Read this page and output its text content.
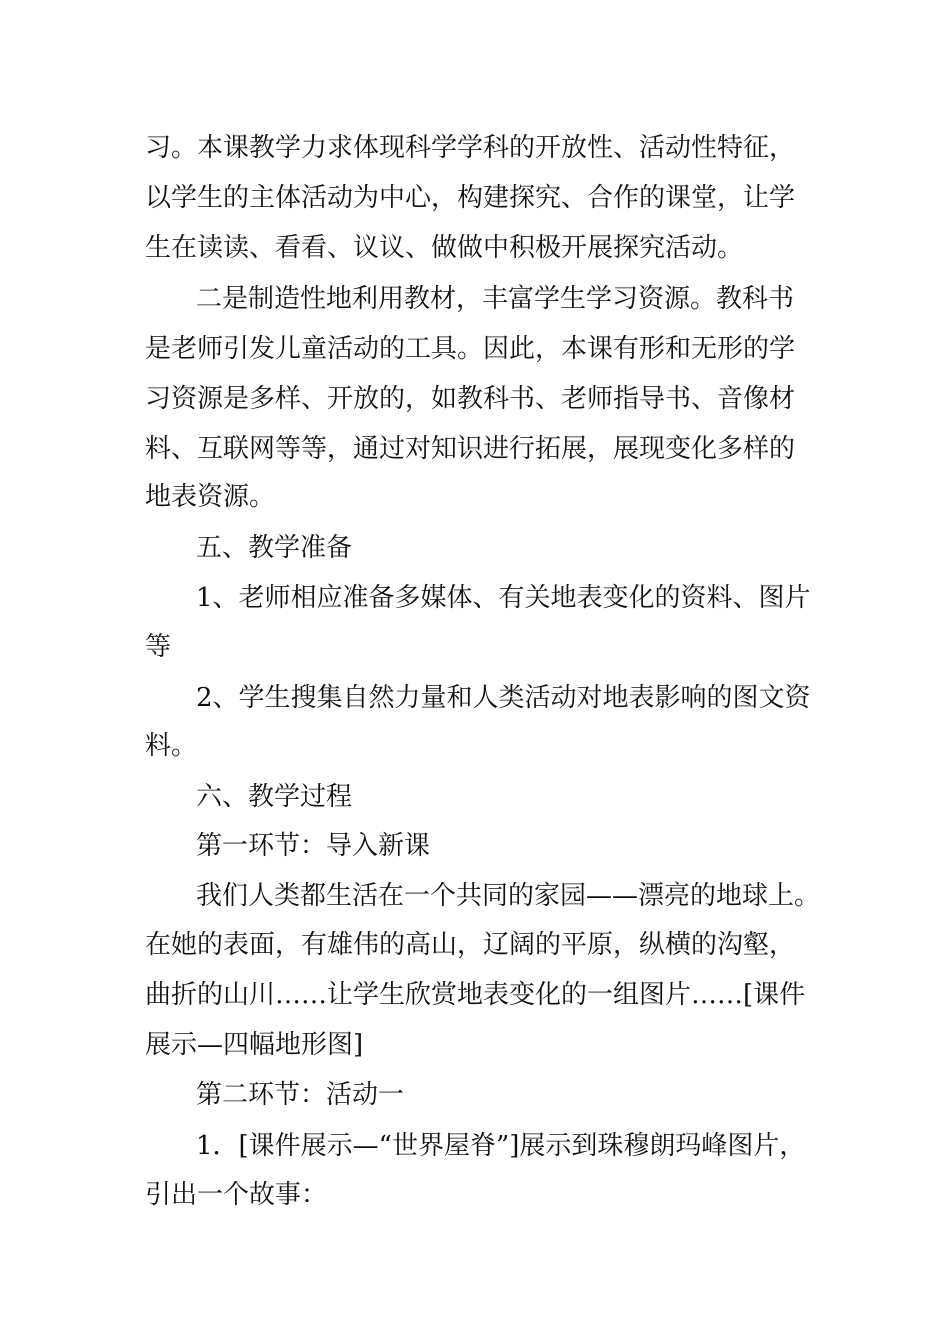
习。本课教学力求体现科学学科的开放性、活动性特征，
以学生的主体活动为中心，构建探究、合作的课堂，让学
生在读读、看看、议议、做做中积极开展探究活动。
二是制造性地利用教材，丰富学生学习资源。教科书
是老师引发儿童活动的工具。因此，本课有形和无形的学
习资源是多样、开放的，如教科书、老师指导书、音像材
料、互联网等等，通过对知识进行拓展，展现变化多样的
地表资源。
五、教学准备
1、老师相应准备多媒体、有关地表变化的资料、图片
等
2、学生搜集自然力量和人类活动对地表影响的图文资
料。
六、教学过程
第一环节：导入新课
我们人类都生活在一个共同的家园——漂亮的地球上。
在她的表面，有雄伟的高山，辽阔的平原，纵横的沟壑，
曲折的山川……让学生欣赏地表变化的一组图片……[课件
展示—四幅地形图]
第二环节：活动一
1．[课件展示—“世界屋脊”]展示到珠穆朗玛峰图片，
引出一个故事：
